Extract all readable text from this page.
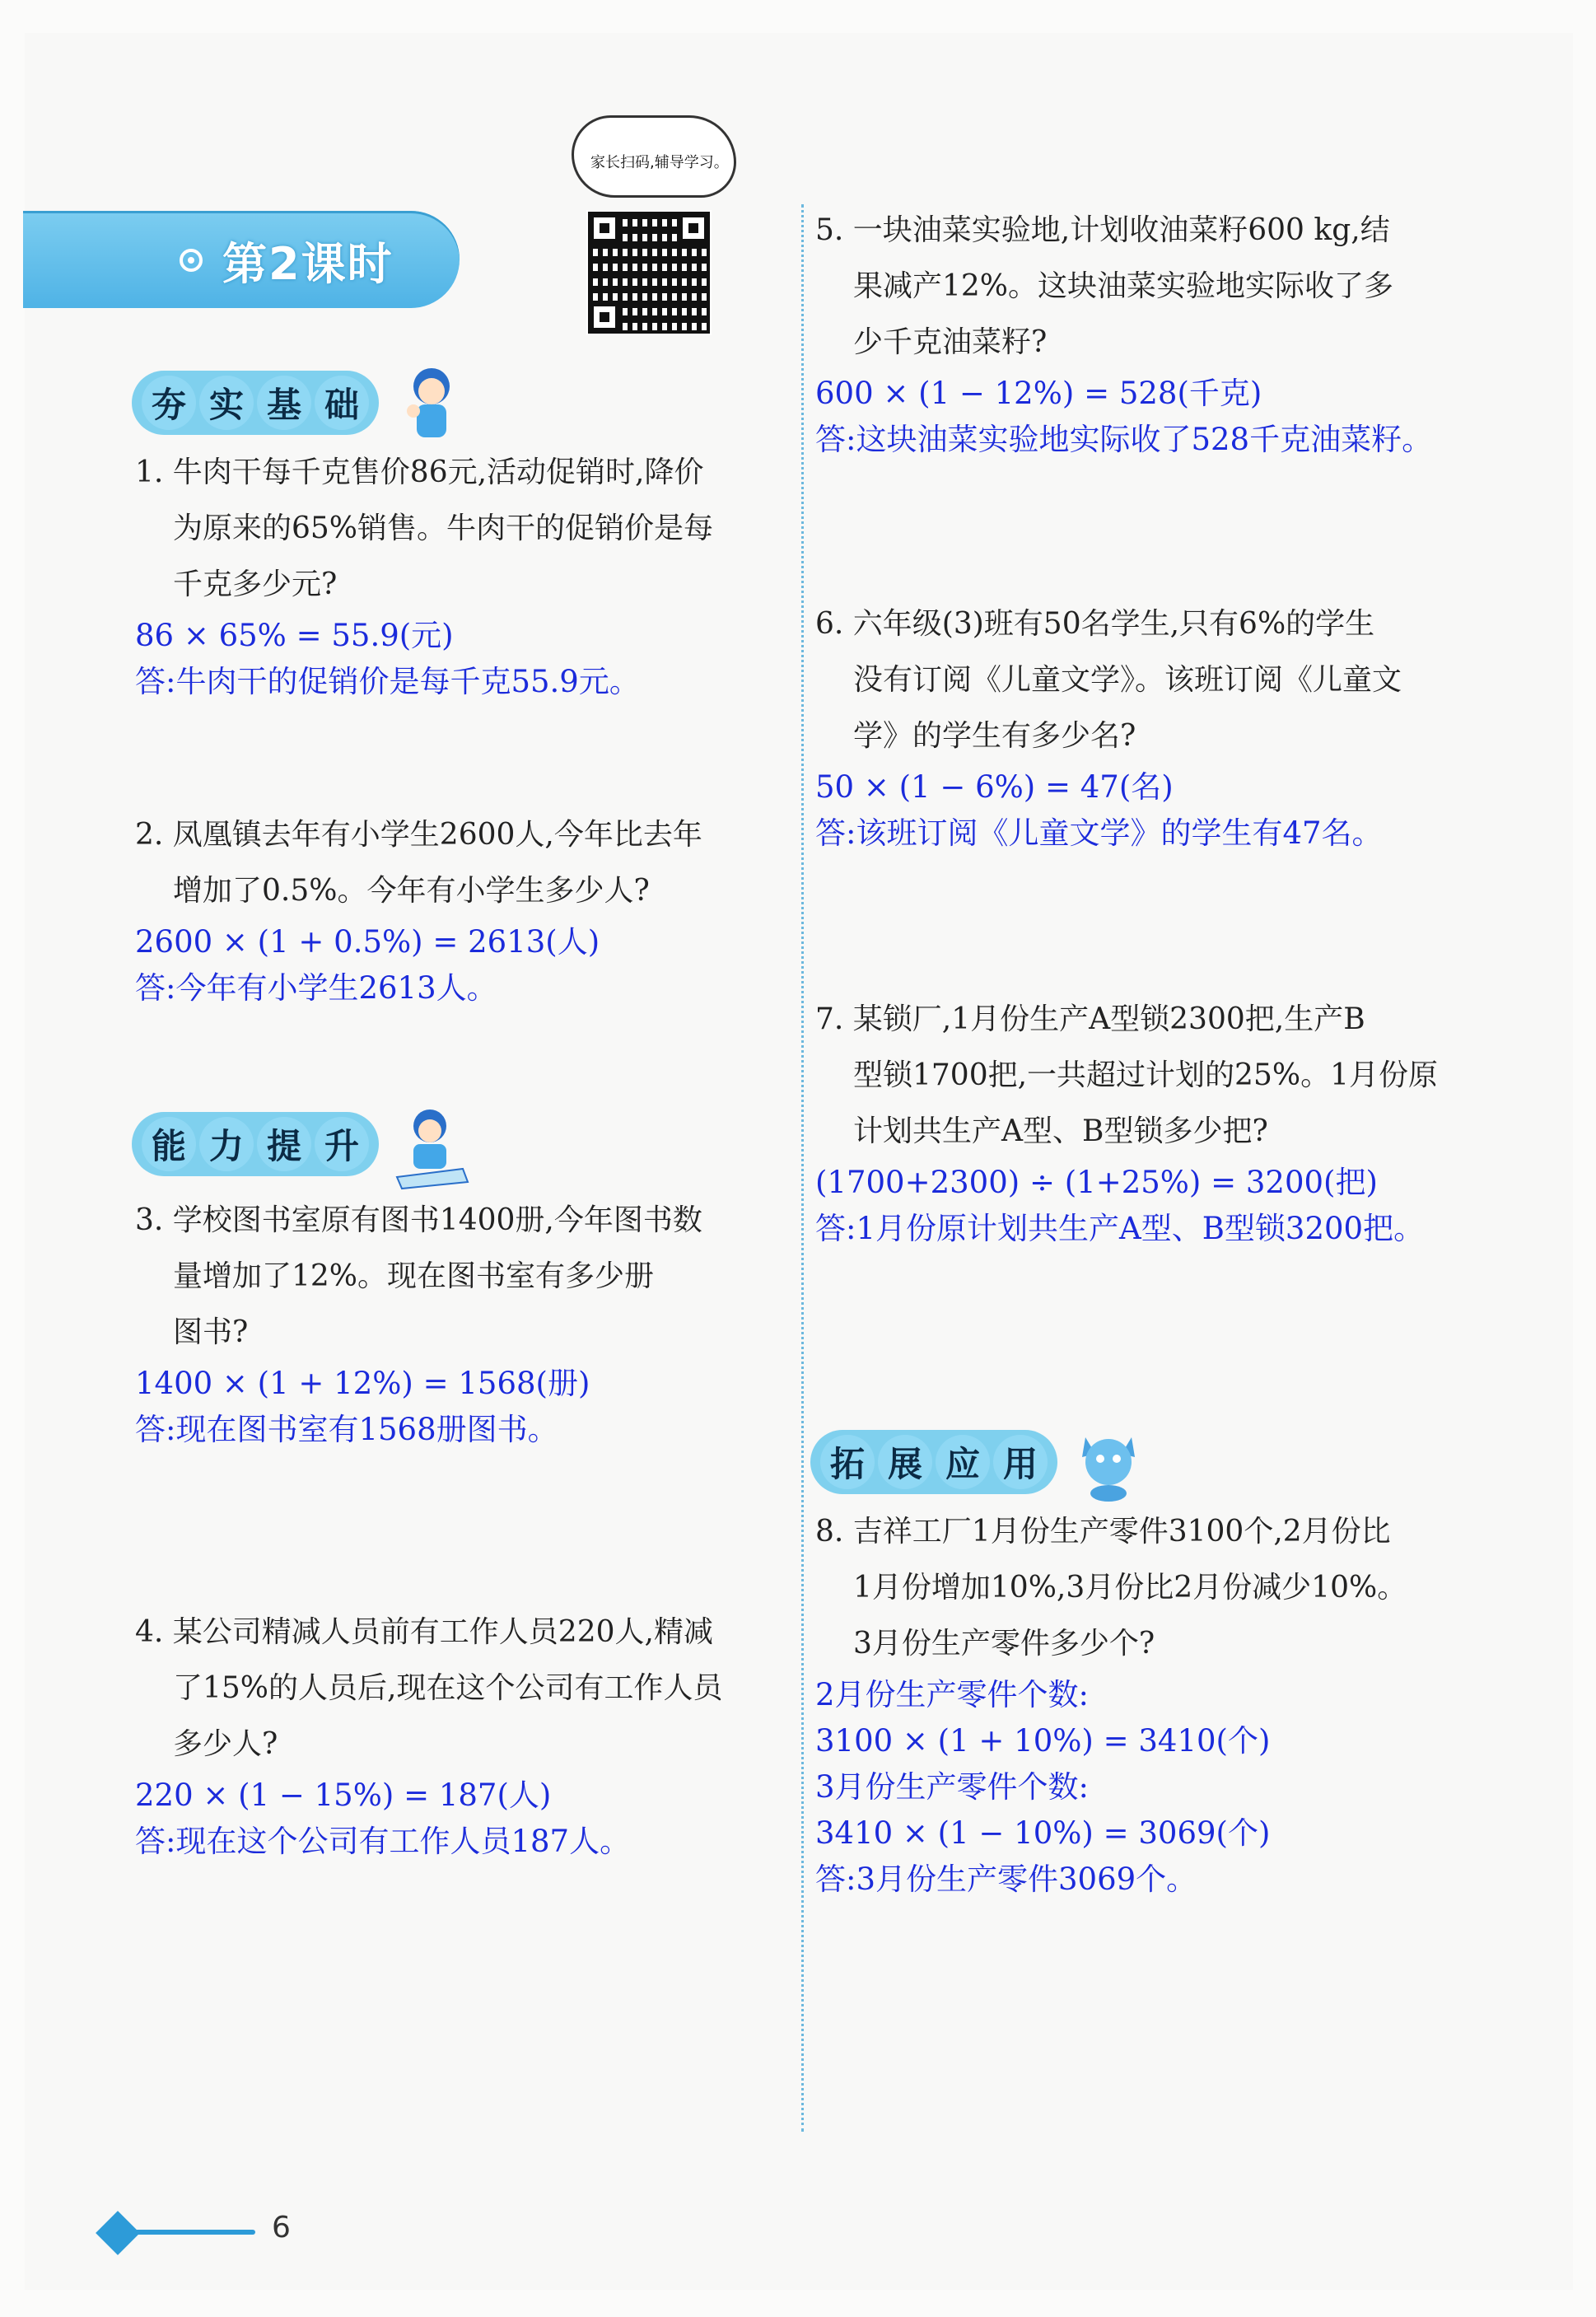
家长扫码,辅导学习。
第2课时
夯 实 基 础
能 力 提 升
拓 展 应 用
1. 牛肉干每千克售价86元,活动促销时,降价
为原来的65%销售。牛肉干的促销价是每
千克多少元?
86 × 65% = 55.9(元)
答:牛肉干的促销价是每千克55.9元。
2. 凤凰镇去年有小学生2600人,今年比去年
增加了0.5%。今年有小学生多少人?
2600 × (1 + 0.5%) = 2613(人)
答:今年有小学生2613人。
3. 学校图书室原有图书1400册,今年图书数
量增加了12%。现在图书室有多少册
图书?
1400 × (1 + 12%) = 1568(册)
答:现在图书室有1568册图书。
4. 某公司精减人员前有工作人员220人,精减
了15%的人员后,现在这个公司有工作人员
多少人?
220 × (1 − 15%) = 187(人)
答:现在这个公司有工作人员187人。
5. 一块油菜实验地,计划收油菜籽600 kg,结
果减产12%。这块油菜实验地实际收了多
少千克油菜籽?
600 × (1 − 12%) = 528(千克)
答:这块油菜实验地实际收了528千克油菜籽。
6. 六年级(3)班有50名学生,只有6%的学生
没有订阅《儿童文学》。该班订阅《儿童文
学》的学生有多少名?
50 × (1 − 6%) = 47(名)
答:该班订阅《儿童文学》的学生有47名。
7. 某锁厂,1月份生产A型锁2300把,生产B
型锁1700把,一共超过计划的25%。1月份原
计划共生产A型、B型锁多少把?
(1700+2300) ÷ (1+25%) = 3200(把)
答:1月份原计划共生产A型、B型锁3200把。
8. 吉祥工厂1月份生产零件3100个,2月份比
1月份增加10%,3月份比2月份减少10%。
3月份生产零件多少个?
2月份生产零件个数:
3100 × (1 + 10%) = 3410(个)
3月份生产零件个数:
3410 × (1 − 10%) = 3069(个)
答:3月份生产零件3069个。
6
